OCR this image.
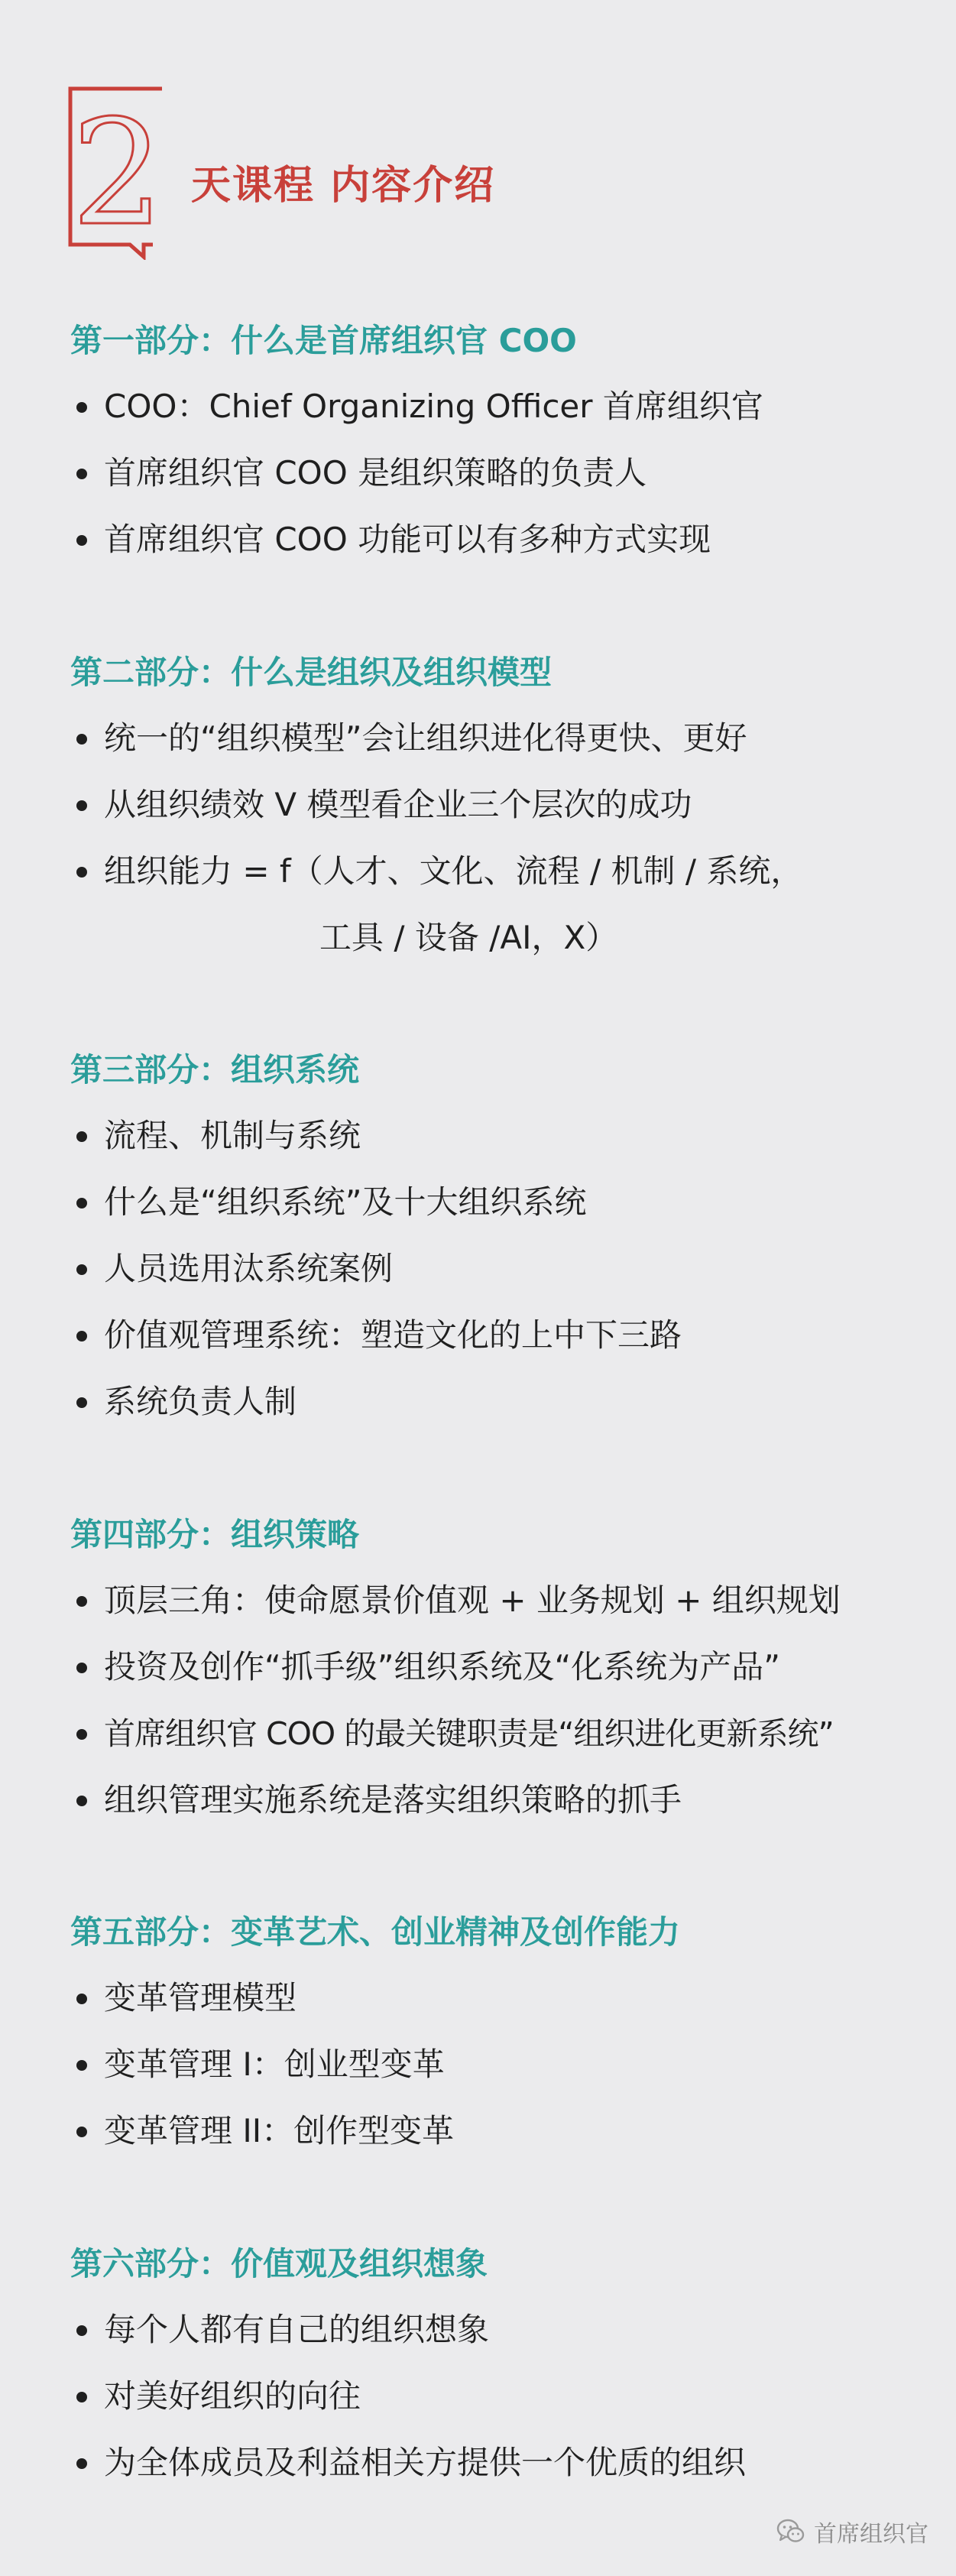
2 天课程 内容介绍
第一部分：什么是首席组织官 COO
COO：Chief Organizing Officer 首席组织官
首席组织官 COO 是组织策略的负责人
首席组织官 COO 功能可以有多种方式实现
第二部分：什么是组织及组织模型
统一的“组织模型”会让组织进化得更快、更好
从组织绩效 V 模型看企业三个层次的成功
组织能力 = f（人才、文化、流程 / 机制 / 系统，
工具 / 设备 /AI，X）
第三部分：组织系统
流程、机制与系统
什么是“组织系统”及十大组织系统
人员选用汰系统案例
价值观管理系统：塑造文化的上中下三路
系统负责人制
第四部分：组织策略
顶层三角：使命愿景价值观 + 业务规划 + 组织规划
投资及创作“抓手级”组织系统及“化系统为产品”
首席组织官 COO 的最关键职责是“组织进化更新系统”
组织管理实施系统是落实组织策略的抓手
第五部分：变革艺术、创业精神及创作能力
变革管理模型
变革管理 I：创业型变革
变革管理 II：创作型变革
第六部分：价值观及组织想象
每个人都有自己的组织想象
对美好组织的向往
为全体成员及利益相关方提供一个优质的组织
首席组织官
